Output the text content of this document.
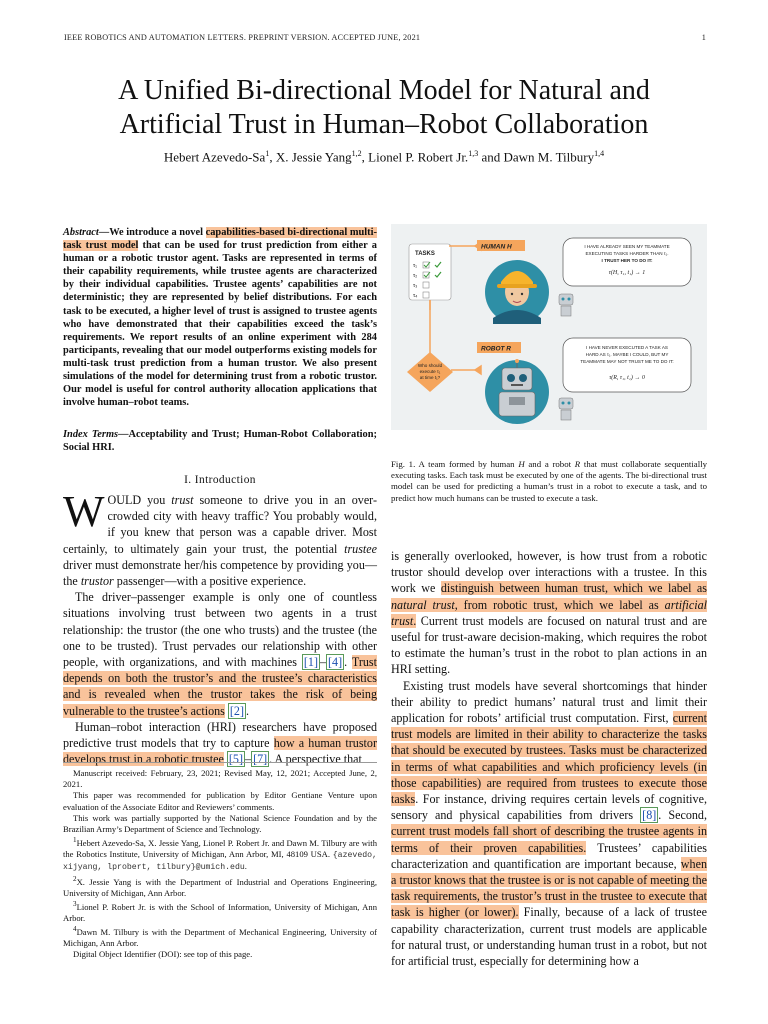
IEEE ROBOTICS AND AUTOMATION LETTERS. PREPRINT VERSION. ACCEPTED JUNE, 2021	1
A Unified Bi-directional Model for Natural and
Artificial Trust in Human–Robot Collaboration
Hebert Azevedo-Sa$^1$, X. Jessie Yang$^{1,2}$, Lionel P. Robert Jr.$^{1,3}$ and Dawn M. Tilbury$^{1,4}$
Abstract—We introduce a novel capabilities-based bi-directional multi-task trust model that can be used for trust prediction from either a human or a robotic trustor agent. Tasks are represented in terms of their capability requirements, while trustee agents are characterized by their individual capabilities. Trustee agents’ capabilities are not deterministic; they are represented by belief distributions. For each task to be executed, a higher level of trust is assigned to trustee agents who have demonstrated that their capabilities exceed the task’s requirements. We report results of an online experiment with 284 participants, revealing that our model outperforms existing models for multi-task trust prediction from a human trustor. We also present simulations of the model for determining trust from a robotic trustor. Our model is useful for control authority allocation applications that involve human–robot teams.
Index Terms—Acceptability and Trust; Human-Robot Collaboration; Social HRI.
I. Introduction

WOULD you trust someone to drive you in an over-crowded city with heavy traffic? You probably would, if you knew that person was a capable driver. Most certainly, to ultimately gain your trust, the potential trustee driver must demonstrate her/his competence by providing you—the trustor passenger—with a positive experience.

The driver–passenger example is only one of countless situations involving trust between two agents in a trust relationship: the trustor (the one who trusts) and the trustee (the one to be trusted). Trust pervades our relationship with other people, with organizations, and with machines [1] – [4] . Trust depends on both the trustor’s and the trustee’s characteristics and is revealed when the trustor takes the risk of being vulnerable to the trustee’s actions [2] .

Human–robot interaction (HRI) researchers have proposed predictive trust models that try to capture how a human trustor develops trust in a robotic trustee [5] – [7] . A perspective that

Manuscript received: February, 23, 2021; Revised May, 12, 2021; Accepted June, 2, 2021.

This paper was recommended for publication by Editor Gentiane Venture upon evaluation of the Associate Editor and Reviewers’ comments.

This work was partially supported by the National Science Foundation and by the Brazilian Army’s Department of Science and Technology.

$^1$Hebert Azevedo-Sa, X. Jessie Yang, Lionel P. Robert Jr. and Dawn M. Tilbury are with the Robotics Institute, University of Michigan, Ann Arbor, MI, 48109 USA. {azevedo, xijyang, lprobert, tilbury}@umich.edu.

$^2$X. Jessie Yang is with the Department of Industrial and Operations Engineering, University of Michigan, Ann Arbor.

$^3$Lionel P. Robert Jr. is with the School of Information, University of Michigan, Ann Arbor.

$^4$Dawn M. Tilbury is with the Department of Mechanical Engineering, University of Michigan, Ann Arbor.

Digital Object Identifier (DOI): see top of this page.

TASKS
τ₁
τ₂
τ₃
τ₄
Who should
execute τ₁
at time t₁?
HUMAN H	I HAVE ALREADY SEEN MY TEAMMATE
EXECUTING TASKS HARDER THAN τ₁.
I TRUST HER TO DO IT:
τ(H, τ₁, t₁) → 1
ROBOT R	I HAVE NEVER EXECUTED A TASK AS
HARD AS τ₁. MAYBE I COULD, BUT MY
TEAMMATE MAY NOT TRUST ME TO DO IT:
τ(R, τ₁, t₁) → 0
Fig. 1. A team formed by human H and a robot R that must collaborate sequentially executing tasks. Each task must be executed by one of the agents. The bi-directional trust model can be used for predicting a human’s trust in a robot to execute a task, and to predict how much humans can be trusted to execute a task.

is generally overlooked, however, is how trust from a robotic trustor should develop over interactions with a trustee. In this work we distinguish between human trust, which we label as natural trust, from robotic trust, which we label as artificial trust. Current trust models are focused on natural trust and are useful for trust-aware decision-making, which requires the robot to estimate the human’s trust in the robot to plan actions in an HRI setting.

Existing trust models have several shortcomings that hinder their ability to predict humans’ natural trust and limit their application for robots’ artificial trust computation. First, current trust models are limited in their ability to characterize the tasks that should be executed by trustees. Tasks must be characterized in terms of what capabilities and which proficiency levels (in those capabilities) are required from trustees to execute those tasks. For instance, driving requires certain levels of cognitive, sensory and physical capabilities from drivers [8] . Second, current trust models fall short of describing the trustee agents in terms of their proven capabilities. Trustees’ capabilities characterization and quantification are important because, when a trustor knows that the trustee is or is not capable of meeting the task requirements, the trustor’s trust in the trustee to execute that task is higher (or lower). Finally, because of a lack of trustee capability characterization, current trust models are applicable for natural trust, or understanding human trust in a robot, but not for artificial trust, especially for determining how a
